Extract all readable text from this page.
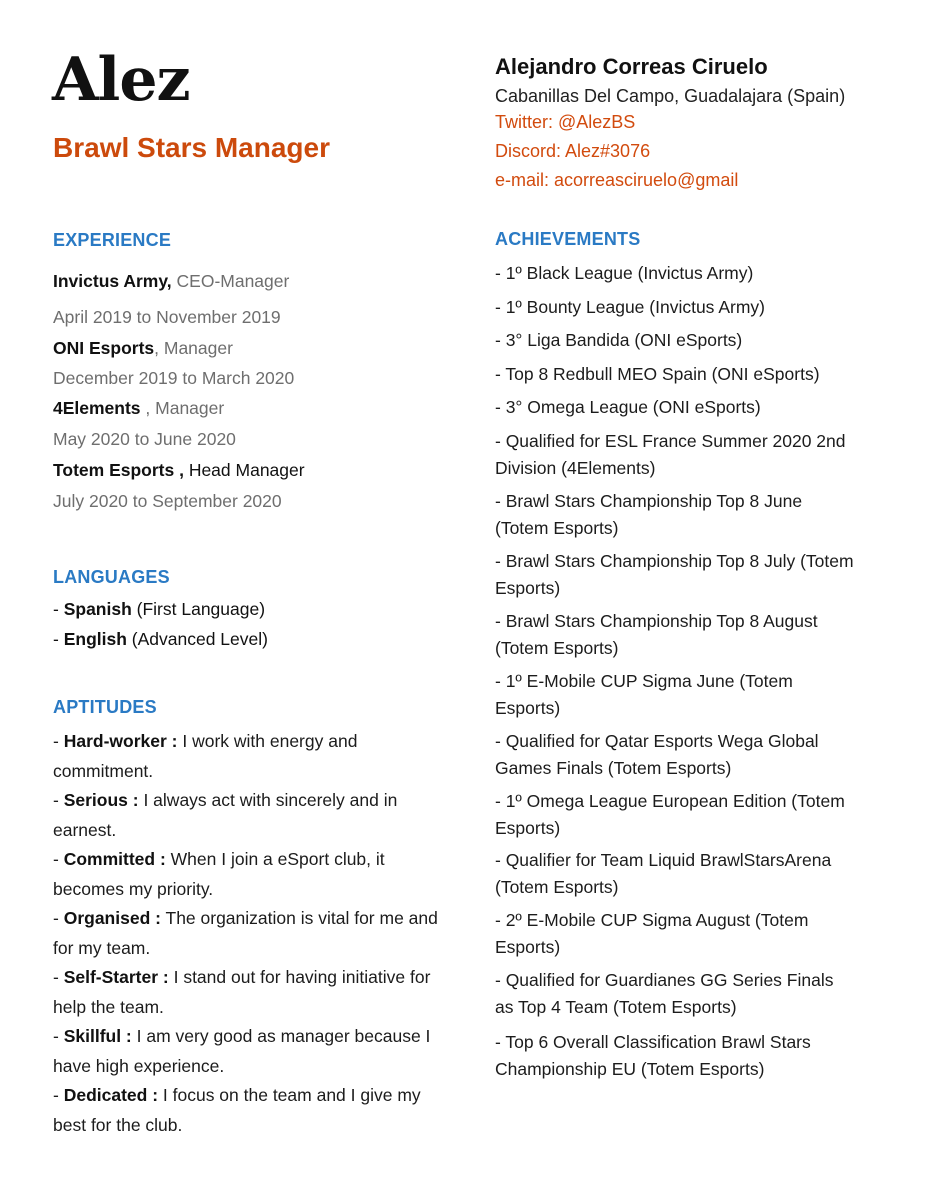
Alez
Brawl Stars Manager
Alejandro Correas Ciruelo
Cabanillas Del Campo, Guadalajara (Spain)
Twitter: @AlezBS
Discord: Alez#3076
e-mail: acorreasciruelo@gmail
EXPERIENCE
Invictus Army, CEO-Manager
April 2019 to November 2019
ONI Esports, Manager
December 2019 to March 2020
4Elements , Manager
May 2020 to June 2020
Totem Esports , Head Manager
July 2020 to September 2020
LANGUAGES
- Spanish (First Language)
- English (Advanced Level)
APTITUDES
- Hard-worker : I work with energy and commitment.
- Serious : I always act with sincerely and in earnest.
- Committed : When I join a eSport club, it becomes my priority.
- Organised : The organization is vital for me and for my team.
- Self-Starter : I stand out for having initiative for help the team.
- Skillful : I am very good as manager because I have high experience.
- Dedicated : I focus on the team and I give my best for the club.
ACHIEVEMENTS
- 1º Black League (Invictus Army)
- 1º Bounty League (Invictus Army)
- 3° Liga Bandida (ONI eSports)
- Top 8 Redbull MEO Spain (ONI eSports)
- 3° Omega League (ONI eSports)
- Qualified for ESL France Summer 2020 2nd Division (4Elements)
- Brawl Stars Championship Top 8 June (Totem Esports)
- Brawl Stars Championship Top 8 July (Totem Esports)
- Brawl Stars Championship Top 8 August (Totem Esports)
- 1º E-Mobile CUP Sigma June (Totem Esports)
- Qualified for Qatar Esports Wega Global Games Finals (Totem Esports)
- 1º Omega League European Edition (Totem Esports)
- Qualifier for Team Liquid BrawlStarsArena (Totem Esports)
- 2º E-Mobile CUP Sigma August (Totem Esports)
- Qualified for Guardianes GG Series Finals as Top 4 Team (Totem Esports)
- Top 6 Overall Classification Brawl Stars Championship EU (Totem Esports)
